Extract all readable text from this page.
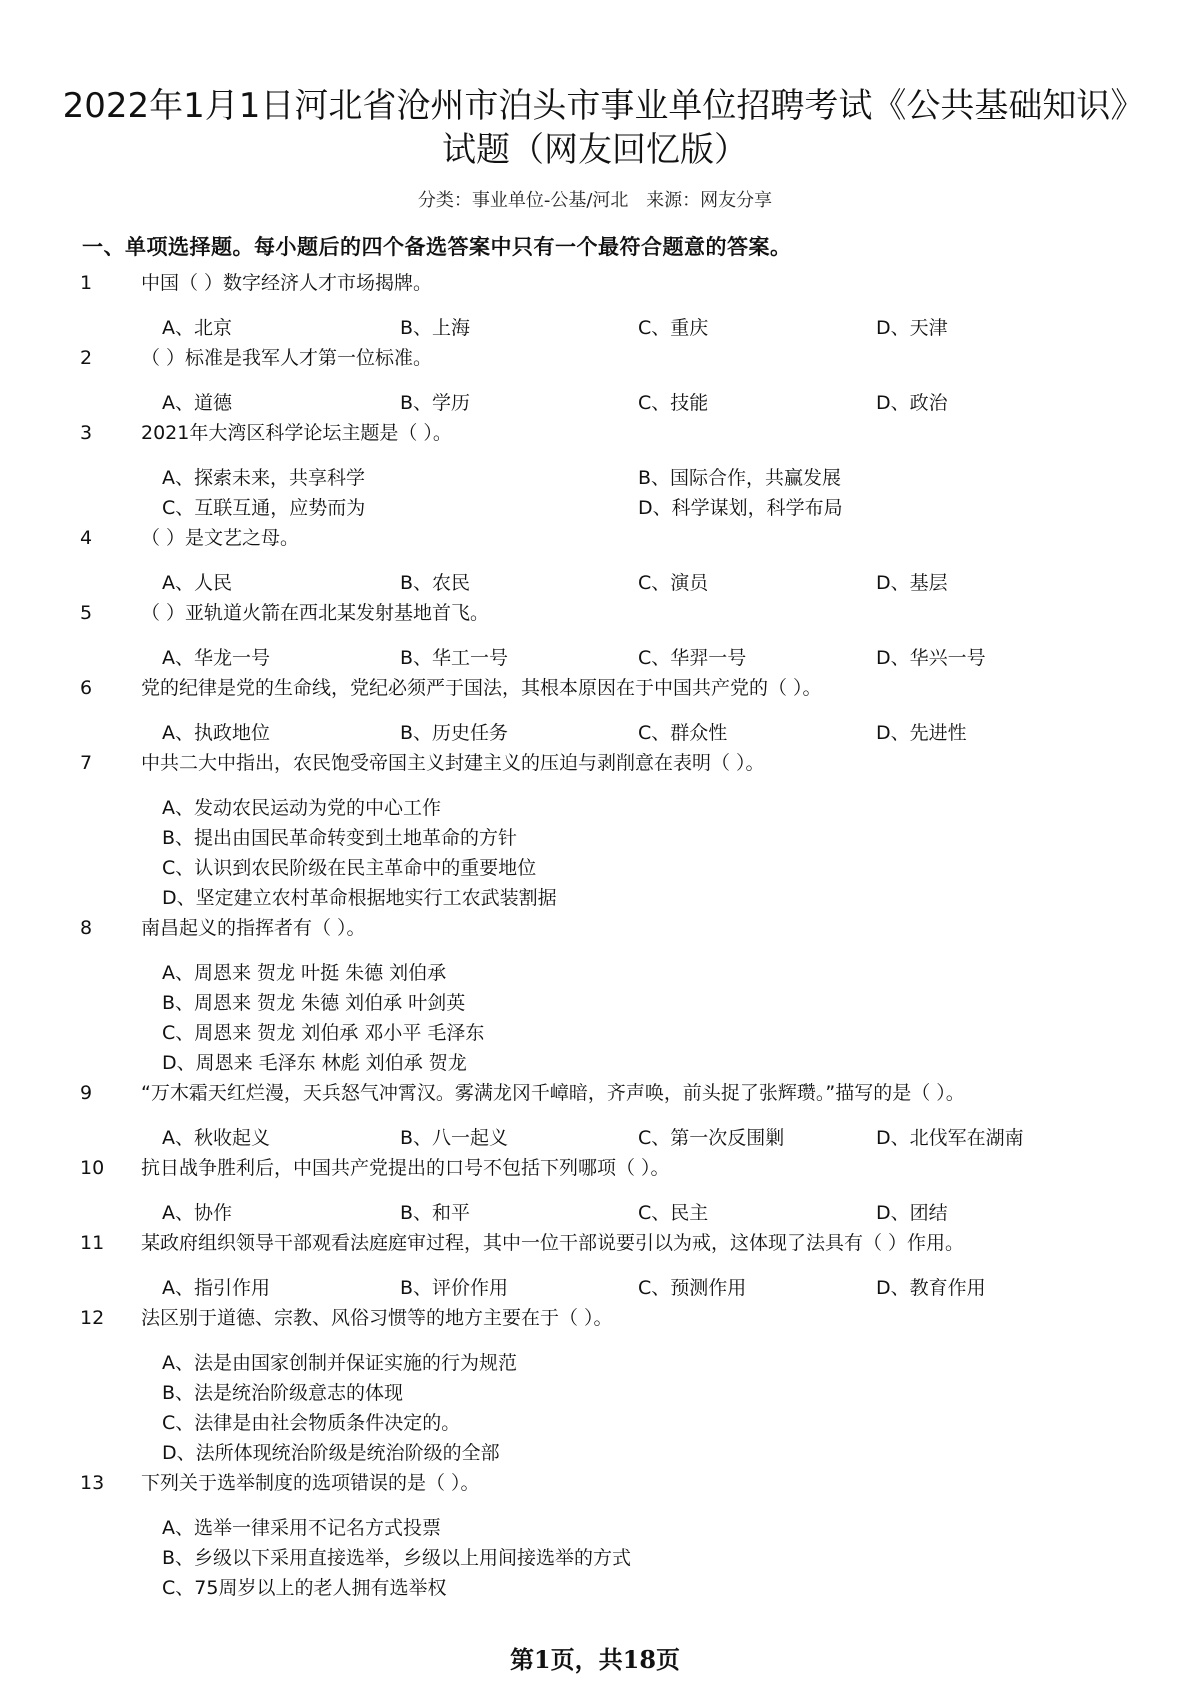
2022年1月1日河北省沧州市泊头市事业单位招聘考试《公共基础知识》试题（网友回忆版）
分类：事业单位-公基/河北 来源：网友分享
一、单项选择题。每小题后的四个备选答案中只有一个最符合题意的答案。
1	中国（ ）数字经济人才市场揭牌。
A、北京	B、上海	C、重庆	D、天津
2	（ ）标准是我军人才第一位标准。
A、道德	B、学历	C、技能	D、政治
3	2021年大湾区科学论坛主题是（ ）。
A、探索未来，共享科学	B、国际合作，共赢发展
C、互联互通，应势而为	D、科学谋划，科学布局
4	（ ）是文艺之母。
A、人民	B、农民	C、演员	D、基层
5	（ ）亚轨道火箭在西北某发射基地首飞。
A、华龙一号	B、华工一号	C、华羿一号	D、华兴一号
6	党的纪律是党的生命线，党纪必须严于国法，其根本原因在于中国共产党的（ ）。
A、执政地位	B、历史任务	C、群众性	D、先进性
7	中共二大中指出，农民饱受帝国主义封建主义的压迫与剥削意在表明（ ）。
A、发动农民运动为党的中心工作
B、提出由国民革命转变到土地革命的方针
C、认识到农民阶级在民主革命中的重要地位
D、坚定建立农村革命根据地实行工农武装割据
8	南昌起义的指挥者有（ ）。
A、周恩来 贺龙 叶挺 朱德 刘伯承
B、周恩来 贺龙 朱德 刘伯承 叶剑英
C、周恩来 贺龙 刘伯承 邓小平 毛泽东
D、周恩来 毛泽东 林彪 刘伯承 贺龙
9	“万木霜天红烂漫，天兵怒气冲霄汉。雾满龙冈千嶂暗，齐声唤，前头捉了张辉瓒。”描写的是（ ）。
A、秋收起义	B、八一起义	C、第一次反围剿	D、北伐军在湖南
10 抗日战争胜利后，中国共产党提出的口号不包括下列哪项（ ）。
A、协作	B、和平	C、民主	D、团结
11 某政府组织领导干部观看法庭庭审过程，其中一位干部说要引以为戒，这体现了法具有（ ）作用。
A、指引作用	B、评价作用	C、预测作用	D、教育作用
12 法区别于道德、宗教、风俗习惯等的地方主要在于（ ）。
A、法是由国家创制并保证实施的行为规范
B、法是统治阶级意志的体现
C、法律是由社会物质条件决定的。
D、法所体现统治阶级是统治阶级的全部
13 下列关于选举制度的选项错误的是（ ）。
A、选举一律采用不记名方式投票
B、乡级以下采用直接选举，乡级以上用间接选举的方式
C、75周岁以上的老人拥有选举权
第1页，共18页
